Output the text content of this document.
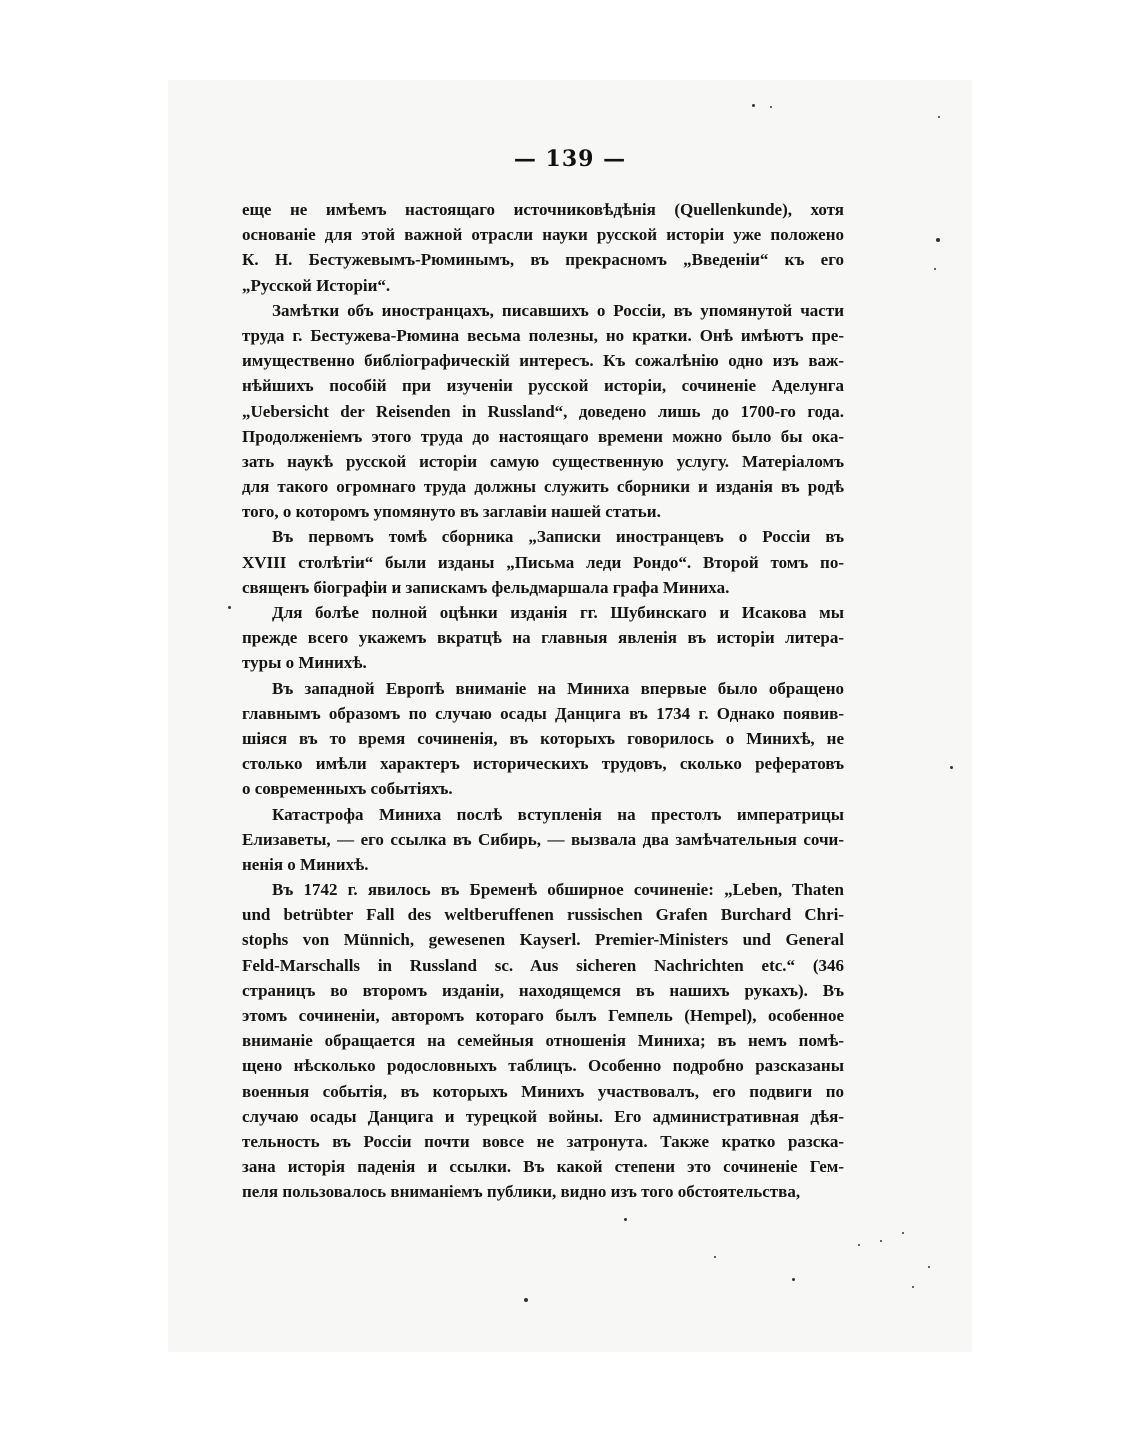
— 139 —

еще не имѣемъ настоящаго источниковѣдѣнія (Quellenkunde), хотя
основаніе для этой важной отрасли науки русской исторіи уже положено
К. Н. Бестужевымъ-Рюминымъ, въ прекрасномъ „Введеніи“ къ его
„Русской Исторіи“.

Замѣтки объ иностранцахъ, писавшихъ о Россіи, въ упомянутой части
труда г. Бестужева-Рюмина весьма полезны, но кратки. Онѣ имѣютъ пре-
имущественно библіографическій интересъ. Къ сожалѣнію одно изъ важ-
нѣйшихъ пособій при изученіи русской исторіи, сочиненіе Аделунга
„Uebersicht der Reisenden in Russland“, доведено лишь до 1700-го года.
Продолженіемъ этого труда до настоящаго времени можно было бы ока-
зать наукѣ русской исторіи самую существенную услугу. Матеріаломъ
для такого огромнаго труда должны служить сборники и изданія въ родѣ
того, о которомъ упомянуто въ заглавіи нашей статьи.

Въ первомъ томѣ сборника „Записки иностранцевъ о Россіи въ
XVIII столѣтіи“ были изданы „Письма леди Рондо“. Второй томъ по-
священъ біографіи и запискамъ фельдмаршала графа Миниха.

Для болѣе полной оцѣнки изданія гг. Шубинскаго и Исакова мы
прежде всего укажемъ вкратцѣ на главныя явленія въ исторіи литера-
туры о Минихѣ.

Въ западной Европѣ вниманіе на Миниха впервые было обращено
главнымъ образомъ по случаю осады Данцига въ 1734 г. Однако появив-
шіяся въ то время сочиненія, въ которыхъ говорилось о Минихѣ, не
столько имѣли характеръ историческихъ трудовъ, сколько рефератовъ
о современныхъ событіяхъ.

Катастрофа Миниха послѣ вступленія на престолъ императрицы
Елизаветы, — его ссылка въ Сибирь, — вызвала два замѣчательныя сочи-
ненія о Минихѣ.

Въ 1742 г. явилось въ Бременѣ обширное сочиненіе: „Leben, Thaten
und betrübter Fall des weltberuffenen russischen Grafen Burchard Chri-
stophs von Münnich, gewesenen Kayserl. Premier-Ministers und General
Feld-Marschalls in Russland sc. Aus sicheren Nachrichten etc.“ (346
страницъ во второмъ изданіи, находящемся въ нашихъ рукахъ). Въ
этомъ сочиненіи, авторомъ котораго былъ Гемпель (Hempel), особенное
вниманіе обращается на семейныя отношенія Миниха; въ немъ помѣ-
щено нѣсколько родословныхъ таблицъ. Особенно подробно разсказаны
военныя событія, въ которыхъ Минихъ участвовалъ, его подвиги по
случаю осады Данцига и турецкой войны. Его административная дѣя-
тельность въ Россіи почти вовсе не затронута. Также кратко разска-
зана исторія паденія и ссылки. Въ какой степени это сочиненіе Гем-
пеля пользовалось вниманіемъ публики, видно изъ того обстоятельства,
